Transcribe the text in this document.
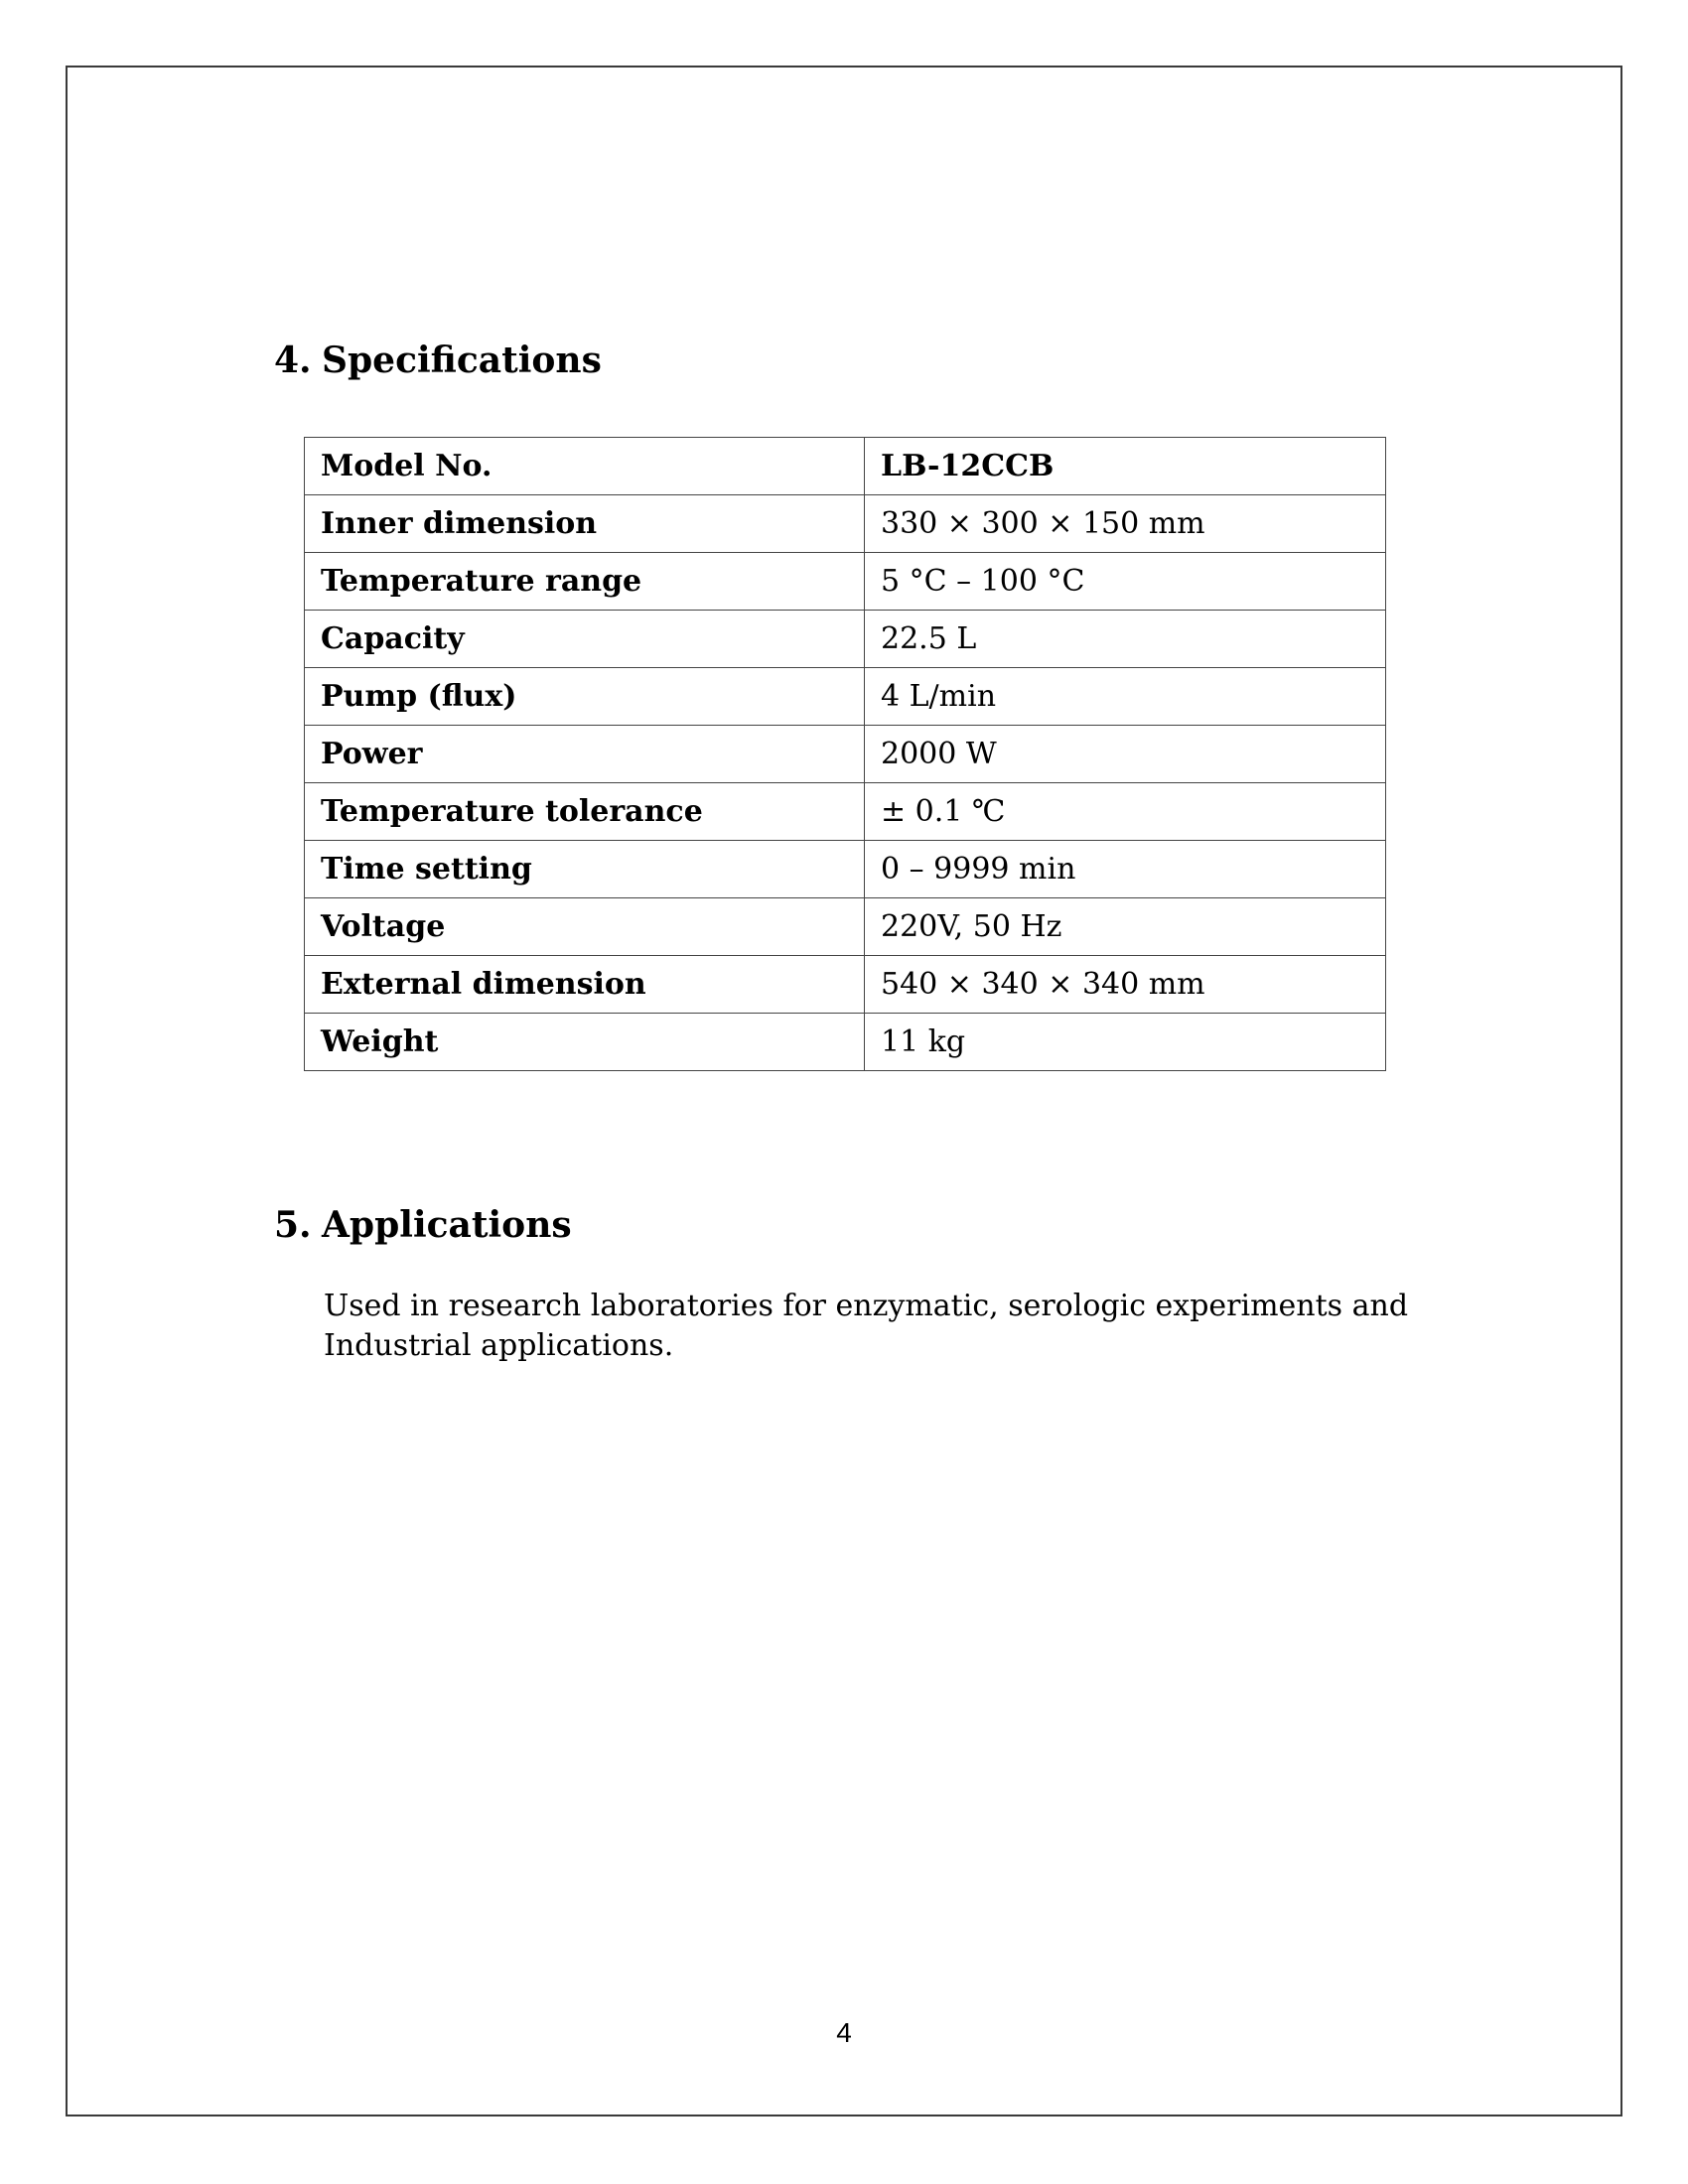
4. Specifications
Model No.	LB-12CCB
Inner dimension	330 × 300 × 150 mm
Temperature range	5 °C – 100 °C
Capacity	22.5 L
Pump (flux)	4 L/min
Power	2000 W
Temperature tolerance	± 0.1 ℃
Time setting	0 – 9999 min
Voltage	220V, 50 Hz
External dimension	540 × 340 × 340 mm
Weight	11 kg
5. Applications

Used in research laboratories for enzymatic, serologic experiments and Industrial applications.

4
